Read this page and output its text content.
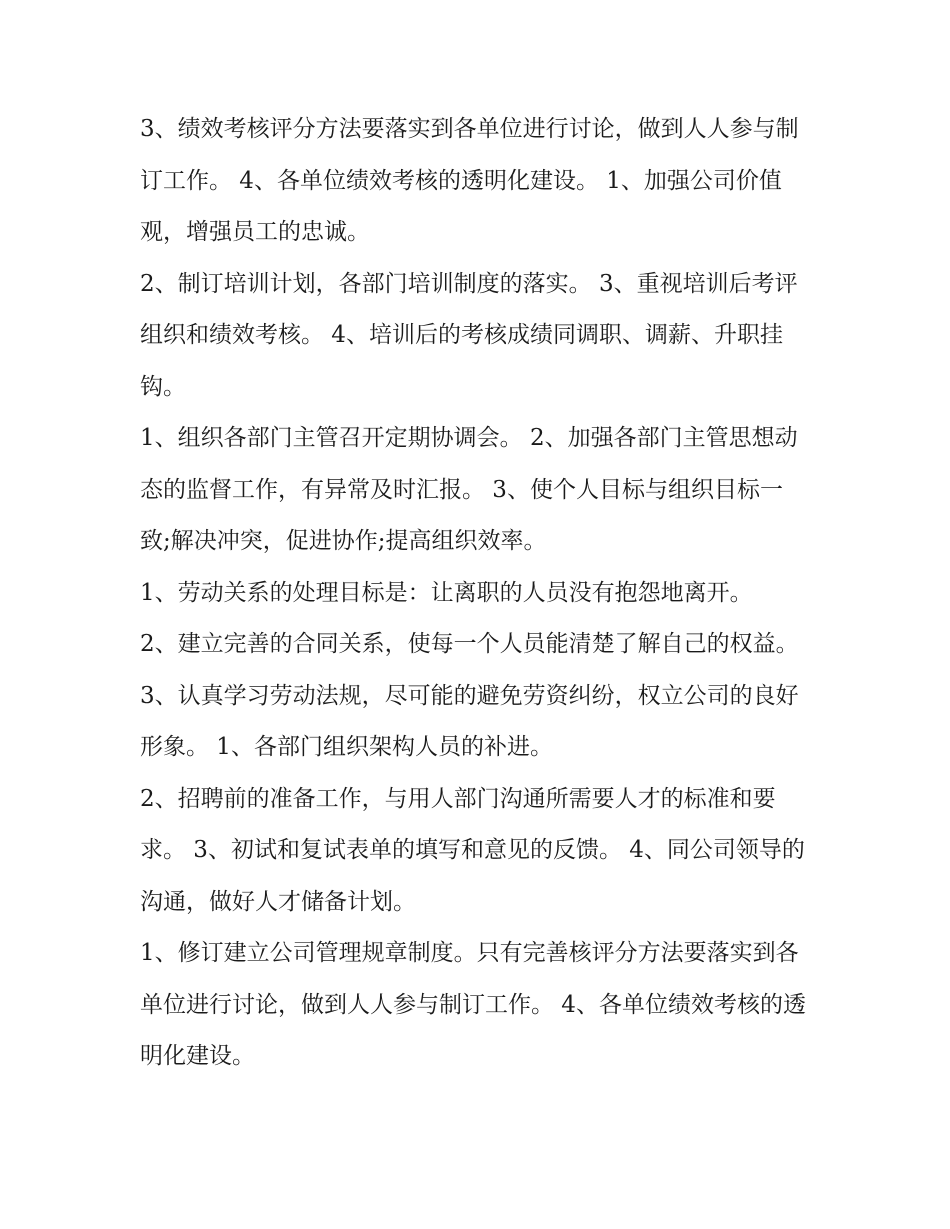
3、绩效考核评分方法要落实到各单位进行讨论，做到人人参与制订工作。 4、各单位绩效考核的透明化建设。 1、加强公司价值观，增强员工的忠诚。

2、制订培训计划，各部门培训制度的落实。 3、重视培训后考评组织和绩效考核。 4、培训后的考核成绩同调职、调薪、升职挂钩。

1、组织各部门主管召开定期协调会。 2、加强各部门主管思想动态的监督工作，有异常及时汇报。 3、使个人目标与组织目标一致;解决冲突，促进协作;提高组织效率。

1、劳动关系的处理目标是：让离职的人员没有抱怨地离开。

2、建立完善的合同关系，使每一个人员能清楚了解自己的权益。

3、认真学习劳动法规，尽可能的避免劳资纠纷，权立公司的良好形象。 1、各部门组织架构人员的补进。

2、招聘前的准备工作，与用人部门沟通所需要人才的标准和要求。 3、初试和复试表单的填写和意见的反馈。 4、同公司领导的沟通，做好人才储备计划。

1、修订建立公司管理规章制度。只有完善核评分方法要落实到各单位进行讨论，做到人人参与制订工作。 4、各单位绩效考核的透明化建设。
